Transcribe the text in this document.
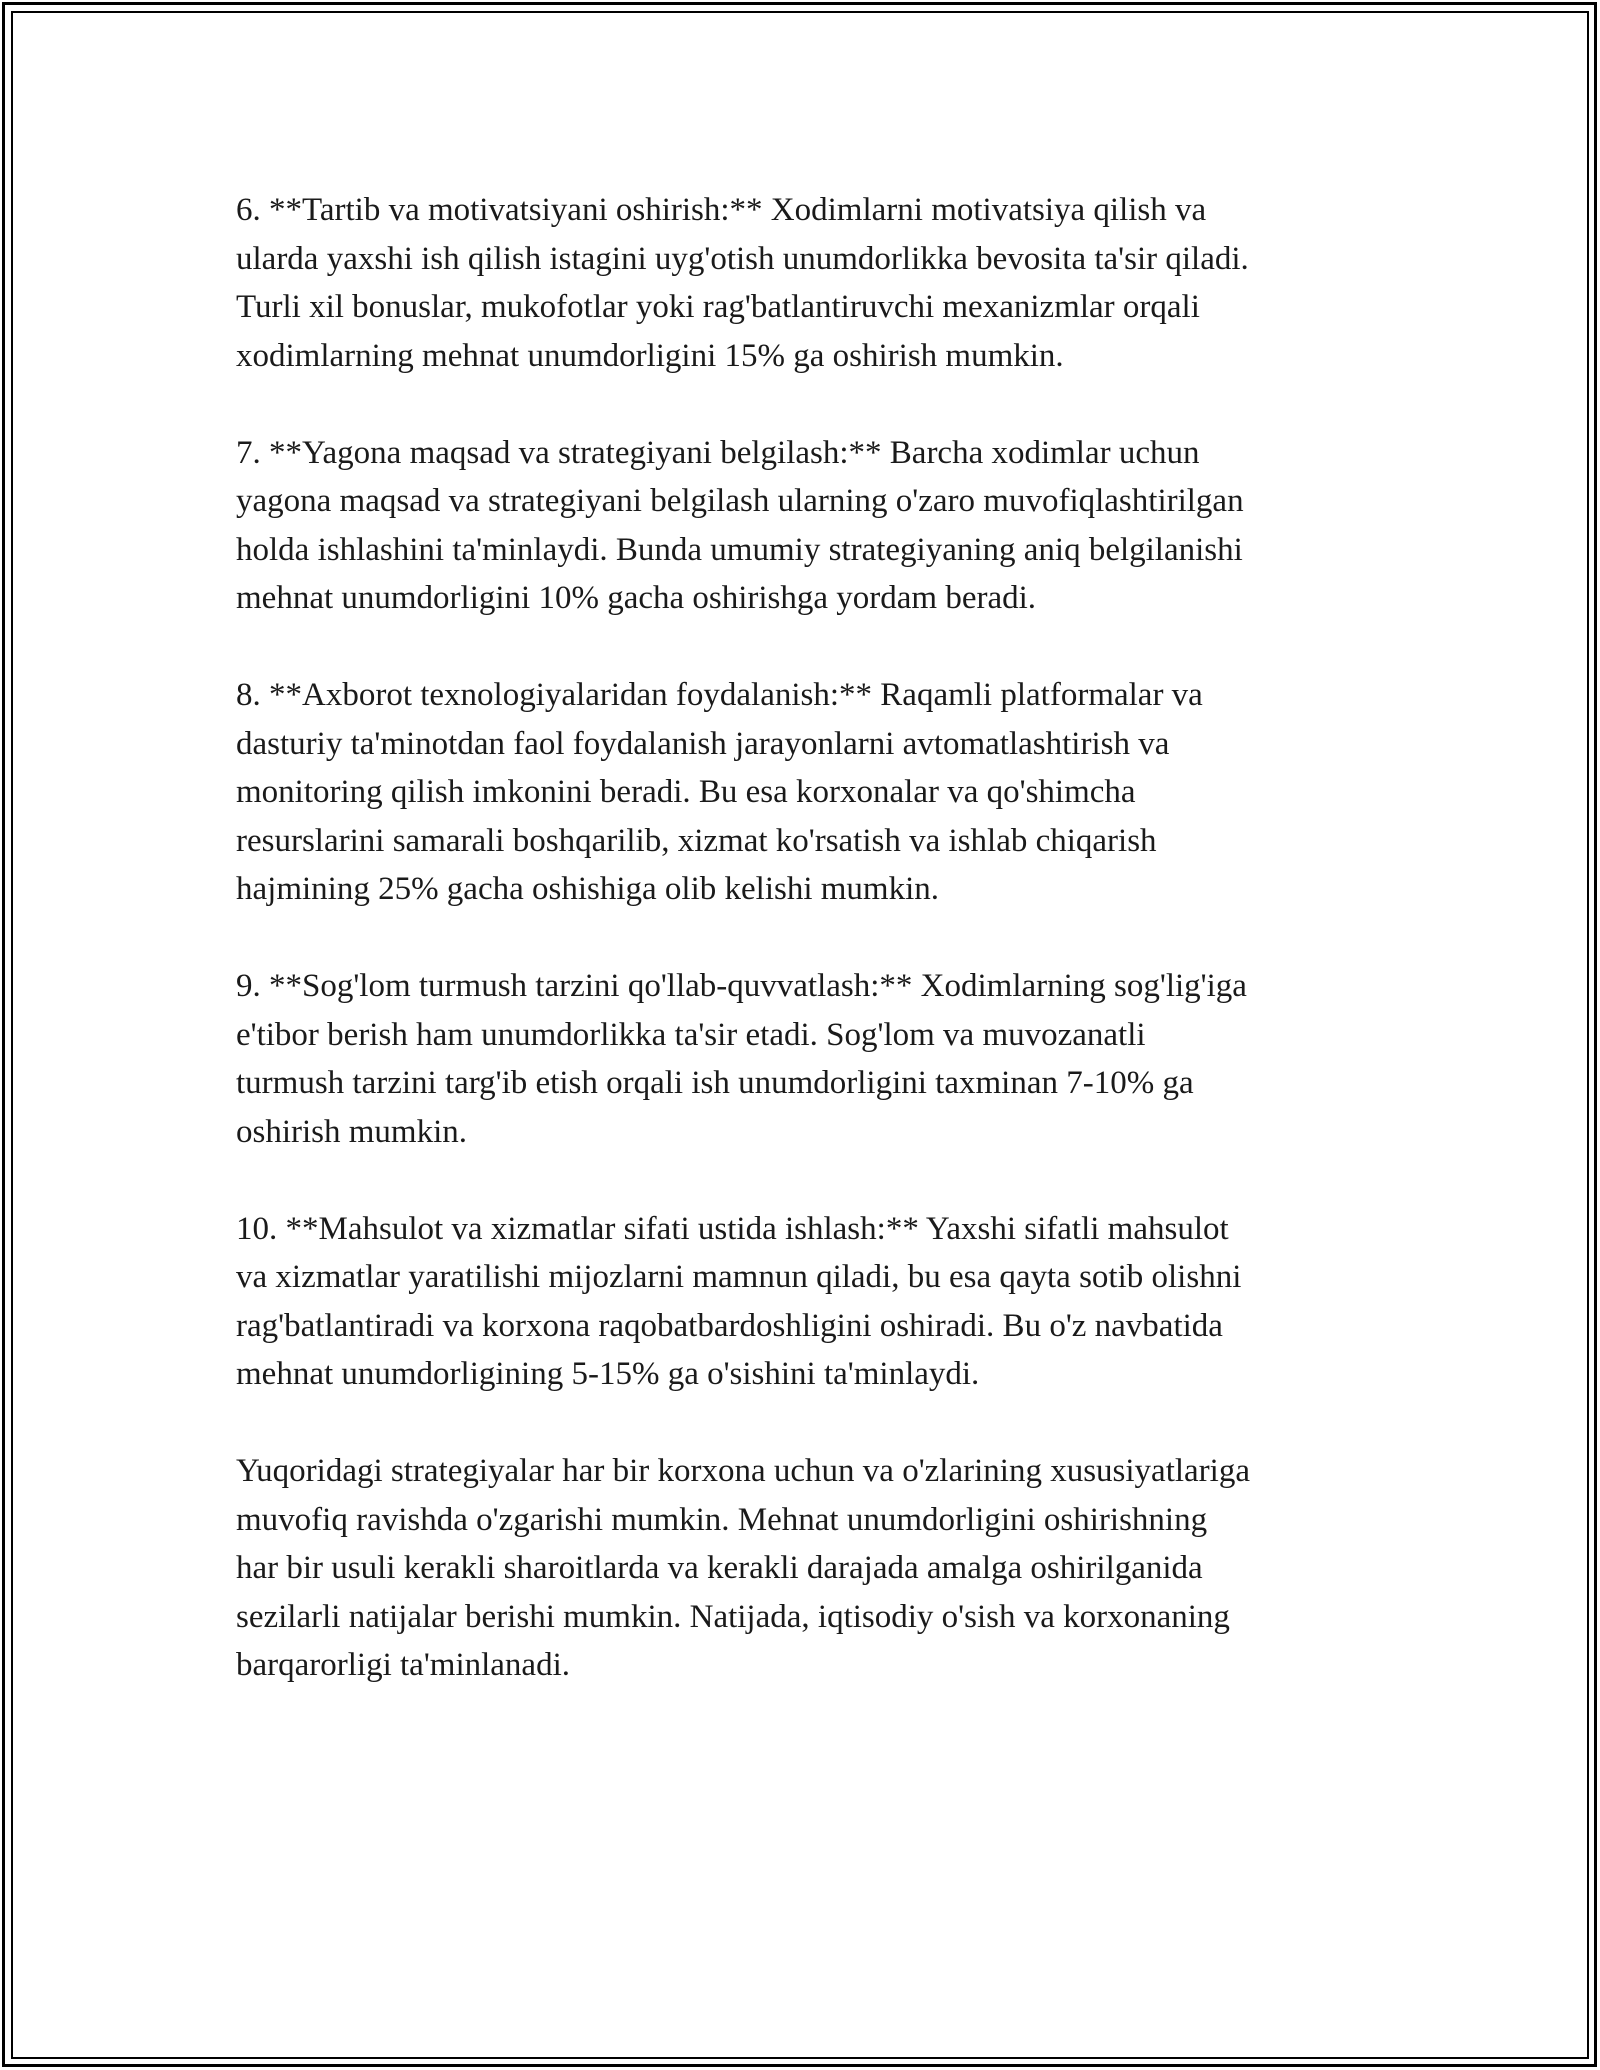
6. **Tartib va motivatsiyani oshirish:** Xodimlarni motivatsiya qilish va
ularda yaxshi ish qilish istagini uyg'otish unumdorlikka bevosita ta'sir qiladi.
Turli xil bonuslar, mukofotlar yoki rag'batlantiruvchi mexanizmlar orqali
xodimlarning mehnat unumdorligini 15% ga oshirish mumkin.

7. **Yagona maqsad va strategiyani belgilash:** Barcha xodimlar uchun
yagona maqsad va strategiyani belgilash ularning o'zaro muvofiqlashtirilgan
holda ishlashini ta'minlaydi. Bunda umumiy strategiyaning aniq belgilanishi
mehnat unumdorligini 10% gacha oshirishga yordam beradi.

8. **Axborot texnologiyalaridan foydalanish:** Raqamli platformalar va
dasturiy ta'minotdan faol foydalanish jarayonlarni avtomatlashtirish va
monitoring qilish imkonini beradi. Bu esa korxonalar va qo'shimcha
resurslarini samarali boshqarilib, xizmat ko'rsatish va ishlab chiqarish
hajmining 25% gacha oshishiga olib kelishi mumkin.

9. **Sog'lom turmush tarzini qo'llab-quvvatlash:** Xodimlarning sog'lig'iga
e'tibor berish ham unumdorlikka ta'sir etadi. Sog'lom va muvozanatli
turmush tarzini targ'ib etish orqali ish unumdorligini taxminan 7-10% ga
oshirish mumkin.

10. **Mahsulot va xizmatlar sifati ustida ishlash:** Yaxshi sifatli mahsulot
va xizmatlar yaratilishi mijozlarni mamnun qiladi, bu esa qayta sotib olishni
rag'batlantiradi va korxona raqobatbardoshligini oshiradi. Bu o'z navbatida
mehnat unumdorligining 5-15% ga o'sishini ta'minlaydi.

Yuqoridagi strategiyalar har bir korxona uchun va o'zlarining xususiyatlariga
muvofiq ravishda o'zgarishi mumkin. Mehnat unumdorligini oshirishning
har bir usuli kerakli sharoitlarda va kerakli darajada amalga oshirilganida
sezilarli natijalar berishi mumkin. Natijada, iqtisodiy o'sish va korxonaning
barqarorligi ta'minlanadi.
